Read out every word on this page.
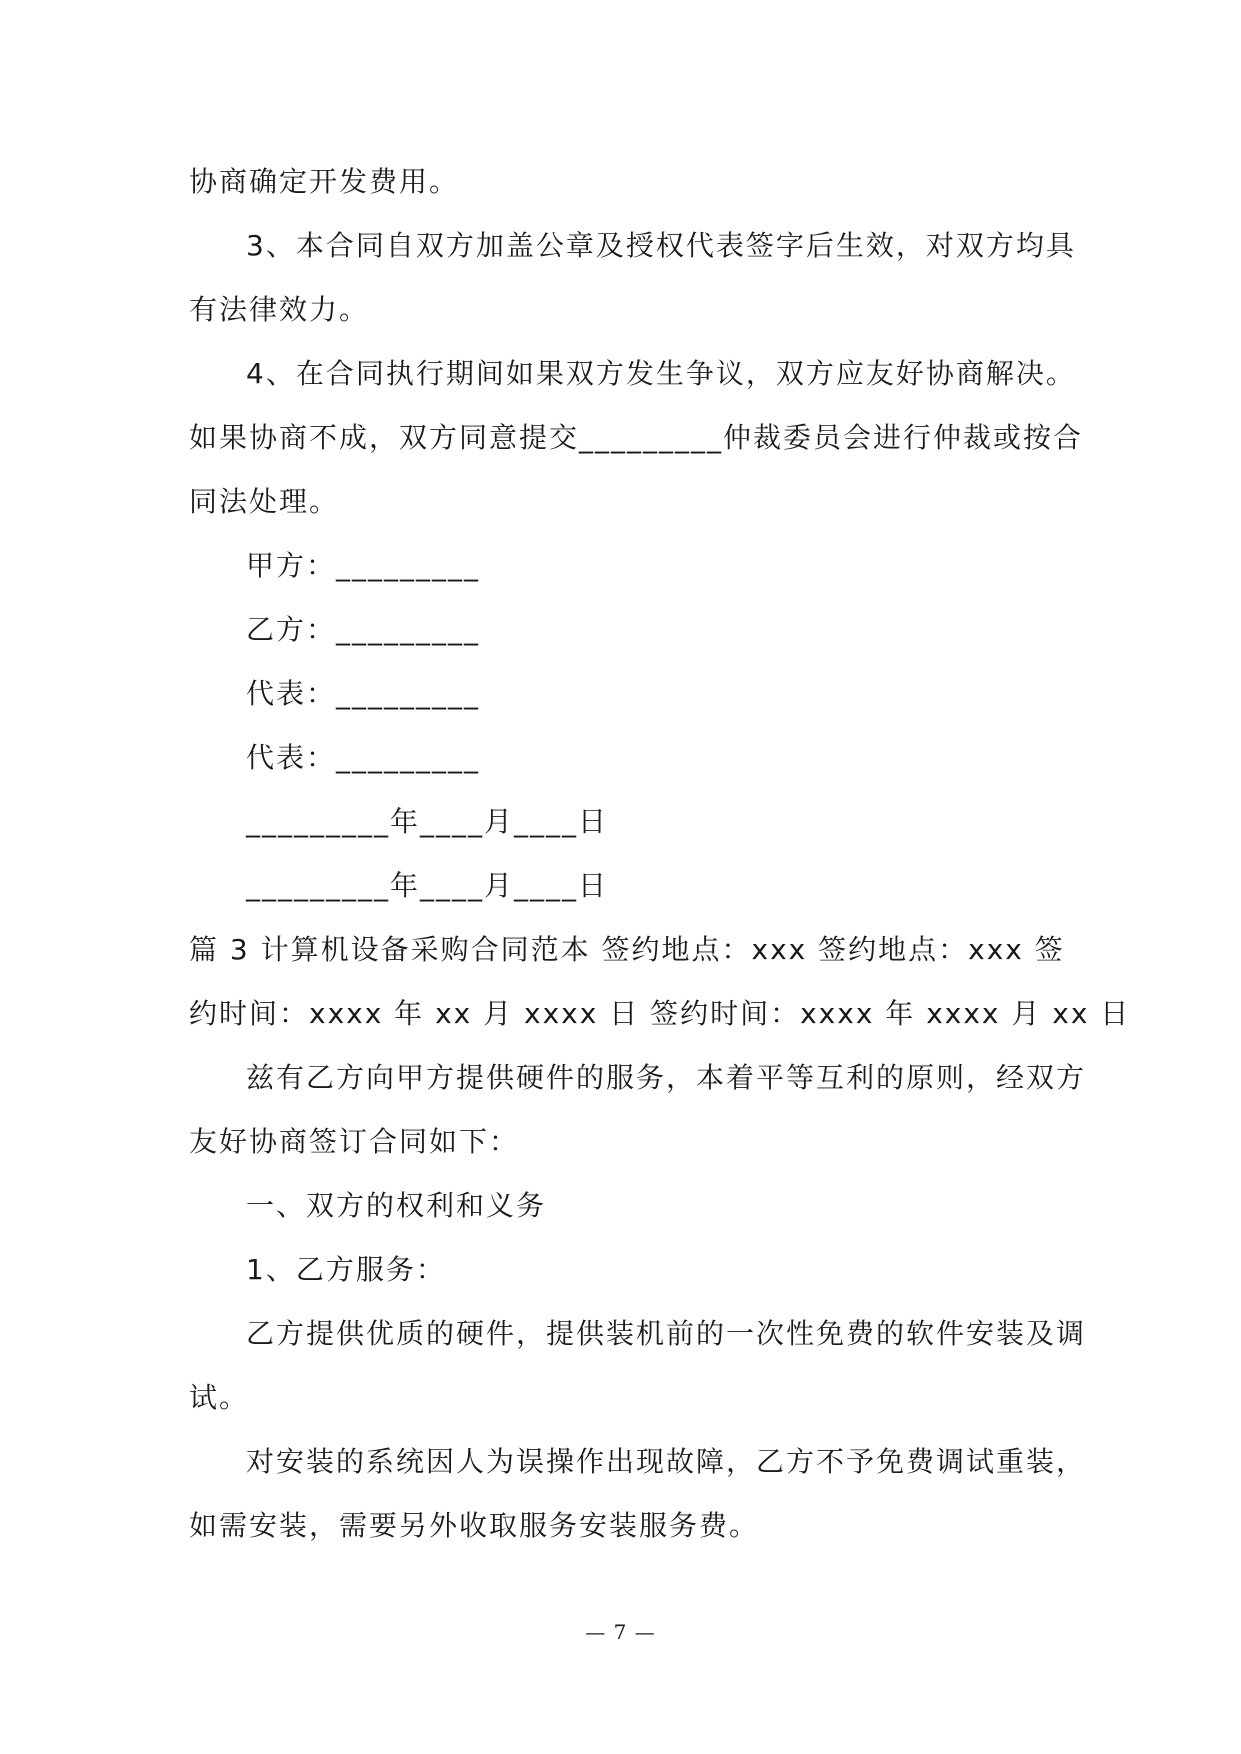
协商确定开发费用。
3、本合同自双方加盖公章及授权代表签字后生效，对双方均具
有法律效力。
4、在合同执行期间如果双方发生争议，双方应友好协商解决。
如果协商不成，双方同意提交_________仲裁委员会进行仲裁或按合
同法处理。
甲方：_________
乙方：_________
代表：_________
代表：_________
_________年____月____日
_________年____月____日
篇 3 计算机设备采购合同范本 签约地点：xxx 签约地点：xxx 签
约时间：xxxx 年 xx 月 xxxx 日 签约时间：xxxx 年 xxxx 月 xx 日
兹有乙方向甲方提供硬件的服务，本着平等互利的原则，经双方
友好协商签订合同如下：
一、双方的权利和义务
1、乙方服务：
乙方提供优质的硬件，提供装机前的一次性免费的软件安装及调
试。
对安装的系统因人为误操作出现故障，乙方不予免费调试重装，
如需安装，需要另外收取服务安装服务费。
— 7 —
